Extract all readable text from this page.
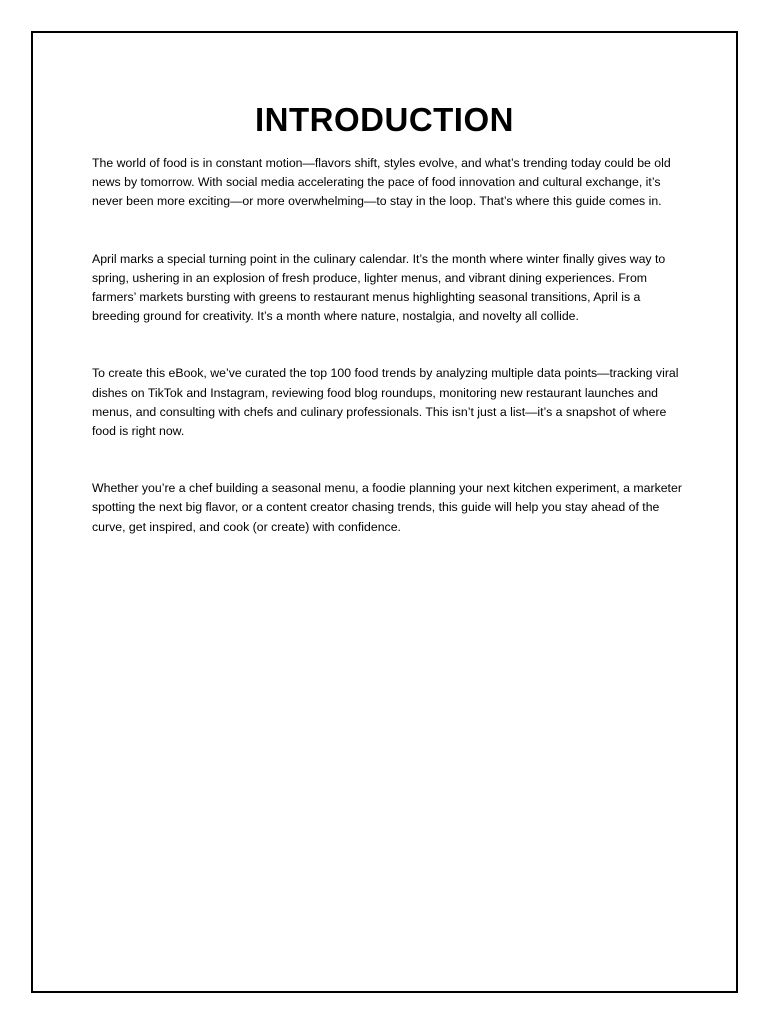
INTRODUCTION

The world of food is in constant motion—flavors shift, styles evolve, and what’s trending today could be old news by tomorrow. With social media accelerating the pace of food innovation and cultural exchange, it’s never been more exciting—or more overwhelming—to stay in the loop. That’s where this guide comes in.

April marks a special turning point in the culinary calendar. It’s the month where winter finally gives way to spring, ushering in an explosion of fresh produce, lighter menus, and vibrant dining experiences. From farmers’ markets bursting with greens to restaurant menus highlighting seasonal transitions, April is a breeding ground for creativity. It’s a month where nature, nostalgia, and novelty all collide.

To create this eBook, we’ve curated the top 100 food trends by analyzing multiple data points—tracking viral dishes on TikTok and Instagram, reviewing food blog roundups, monitoring new restaurant launches and menus, and consulting with chefs and culinary professionals. This isn’t just a list—it’s a snapshot of where food is right now.

Whether you’re a chef building a seasonal menu, a foodie planning your next kitchen experiment, a marketer spotting the next big flavor, or a content creator chasing trends, this guide will help you stay ahead of the curve, get inspired, and cook (or create) with confidence.
